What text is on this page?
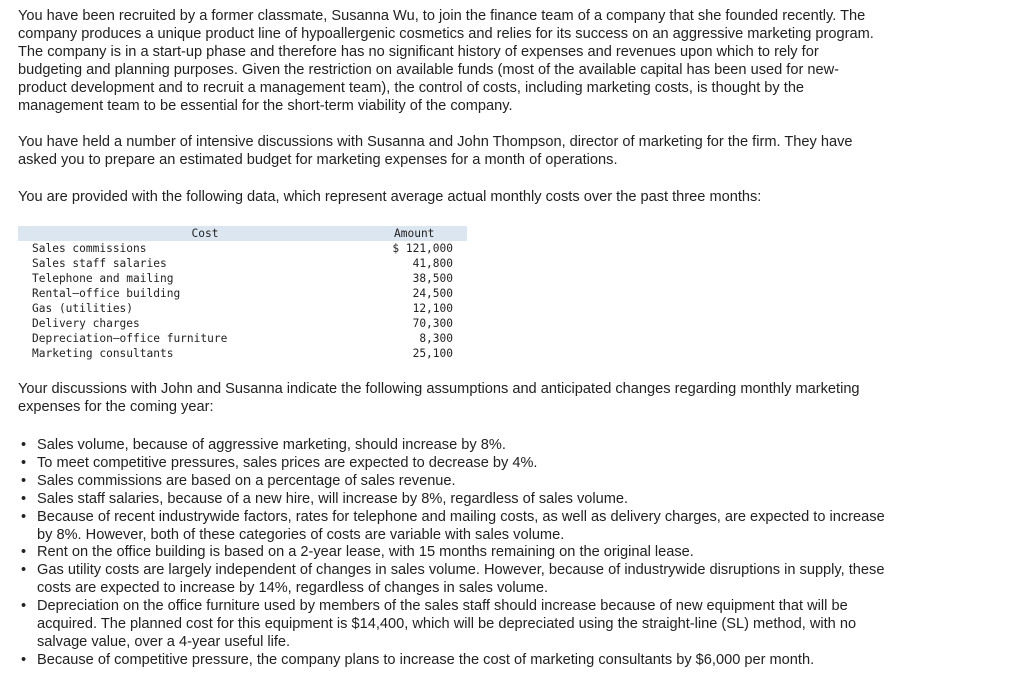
You have been recruited by a former classmate, Susanna Wu, to join the finance team of a company that she founded recently. The
company produces a unique product line of hypoallergenic cosmetics and relies for its success on an aggressive marketing program.
The company is in a start-up phase and therefore has no significant history of expenses and revenues upon which to rely for
budgeting and planning purposes. Given the restriction on available funds (most of the available capital has been used for new-
product development and to recruit a management team), the control of costs, including marketing costs, is thought by the
management team to be essential for the short-term viability of the company.

You have held a number of intensive discussions with Susanna and John Thompson, director of marketing for the firm. They have
asked you to prepare an estimated budget for marketing expenses for a month of operations.

You are provided with the following data, which represent average actual monthly costs over the past three months:

Cost	Amount
Sales commissions	$ 121,000
Sales staff salaries	41,800
Telephone and mailing	38,500
Rental—office building	24,500
Gas (utilities)	12,100
Delivery charges	70,300
Depreciation—office furniture	8,300
Marketing consultants	25,100

Your discussions with John and Susanna indicate the following assumptions and anticipated changes regarding monthly marketing
expenses for the coming year:

• Sales volume, because of aggressive marketing, should increase by 8%.
• To meet competitive pressures, sales prices are expected to decrease by 4%.
• Sales commissions are based on a percentage of sales revenue.
• Sales staff salaries, because of a new hire, will increase by 8%, regardless of sales volume.
• Because of recent industrywide factors, rates for telephone and mailing costs, as well as delivery charges, are expected to increase
by 8%. However, both of these categories of costs are variable with sales volume.
• Rent on the office building is based on a 2-year lease, with 15 months remaining on the original lease.
• Gas utility costs are largely independent of changes in sales volume. However, because of industrywide disruptions in supply, these
costs are expected to increase by 14%, regardless of changes in sales volume.
• Depreciation on the office furniture used by members of the sales staff should increase because of new equipment that will be
acquired. The planned cost for this equipment is $14,400, which will be depreciated using the straight-line (SL) method, with no
salvage value, over a 4-year useful life.
• Because of competitive pressure, the company plans to increase the cost of marketing consultants by $6,000 per month.
